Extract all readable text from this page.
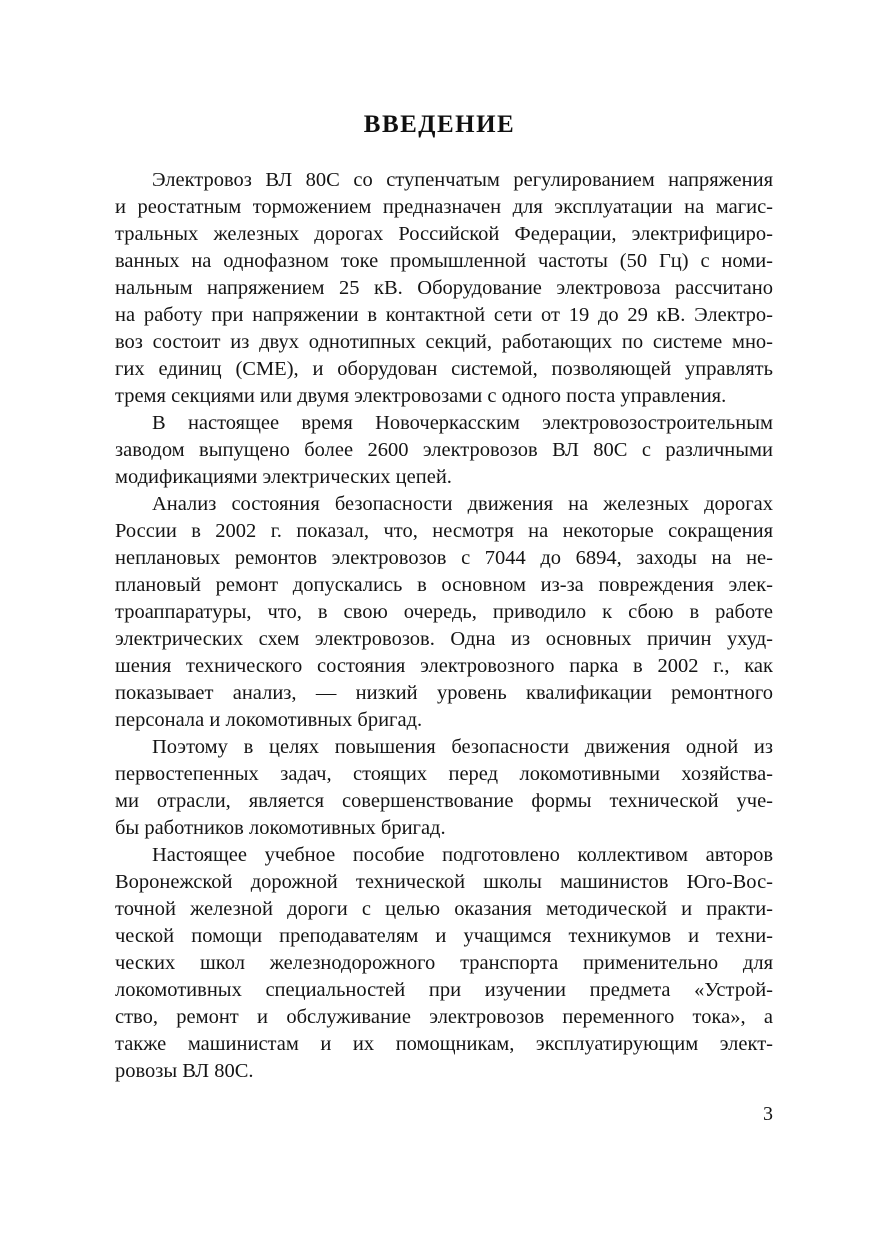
ВВЕДЕНИЕ
Электровоз ВЛ 80С со ступенчатым регулированием напряжения
и реостатным торможением предназначен для эксплуатации на магис-
тральных железных дорогах Российской Федерации, электрифициро-
ванных на однофазном токе промышленной частоты (50 Гц) с номи-
нальным напряжением 25 кВ. Оборудование электровоза рассчитано
на работу при напряжении в контактной сети от 19 до 29 кВ. Электро-
воз состоит из двух однотипных секций, работающих по системе мно-
гих единиц (СМЕ), и оборудован системой, позволяющей управлять
тремя секциями или двумя электровозами с одного поста управления.
В настоящее время Новочеркасским электровозостроительным
заводом выпущено более 2600 электровозов ВЛ 80С с различными
модификациями электрических цепей.
Анализ состояния безопасности движения на железных дорогах
России в 2002 г. показал, что, несмотря на некоторые сокращения
неплановых ремонтов электровозов с 7044 до 6894, заходы на не-
плановый ремонт допускались в основном из-за повреждения элек-
троаппаратуры, что, в свою очередь, приводило к сбою в работе
электрических схем электровозов. Одна из основных причин ухуд-
шения технического состояния электровозного парка в 2002 г., как
показывает анализ, — низкий уровень квалификации ремонтного
персонала и локомотивных бригад.
Поэтому в целях повышения безопасности движения одной из
первостепенных задач, стоящих перед локомотивными хозяйства-
ми отрасли, является совершенствование формы технической уче-
бы работников локомотивных бригад.
Настоящее учебное пособие подготовлено коллективом авторов
Воронежской дорожной технической школы машинистов Юго-Вос-
точной железной дороги с целью оказания методической и практи-
ческой помощи преподавателям и учащимся техникумов и техни-
ческих школ железнодорожного транспорта применительно для
локомотивных специальностей при изучении предмета «Устрой-
ство, ремонт и обслуживание электровозов переменного тока», а
также машинистам и их помощникам, эксплуатирующим элект-
ровозы ВЛ 80С.
3
